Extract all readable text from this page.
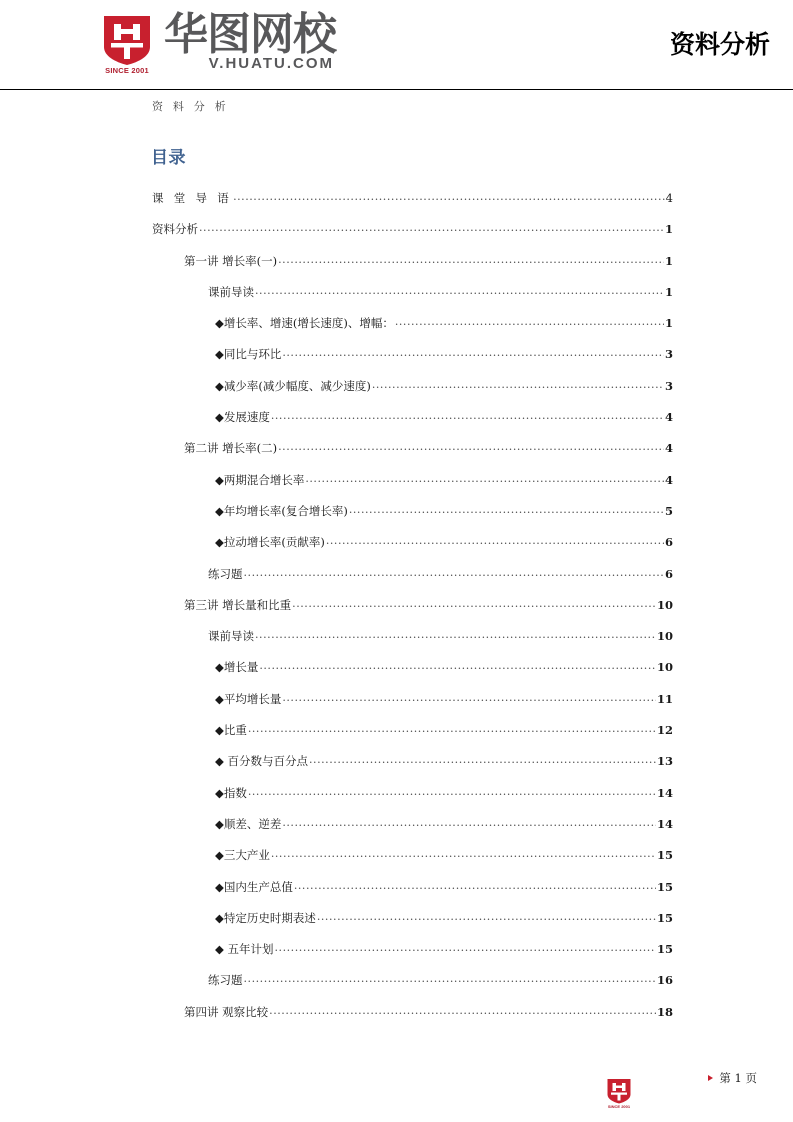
SINCE 2001
华图网校
V.HUATU.COM
资料分析
资 料 分 析
目录
课 堂 导 语 .....	4
资料分析 .....	1
第一讲 增长率(一) .....	1
课前导读 .....	1
◆增长率、增速(增长速度)、增幅： .....	1
◆同比与环比 .....	3
◆减少率(减少幅度、减少速度) .....	3
◆发展速度 .....	4
第二讲 增长率(二) .....	4
◆两期混合增长率 .....	4
◆年均增长率(复合增长率) .....	5
◆拉动增长率(贡献率) .....	6
练习题 .....	6
第三讲 增长量和比重 .....	10
课前导读 .....	10
◆增长量 .....	10
◆平均增长量 .....	11
◆比重 .....	12
◆ 百分数与百分点 .....	13
◆指数 .....	14
◆顺差、逆差 .....	14
◆三大产业 .....	15
◆国内生产总值 .....	15
◆特定历史时期表述 .....	15
◆ 五年计划 .....	15
练习题 .....	16
第四讲 观察比较 .....	18
SINCE 2001
第 1 页
